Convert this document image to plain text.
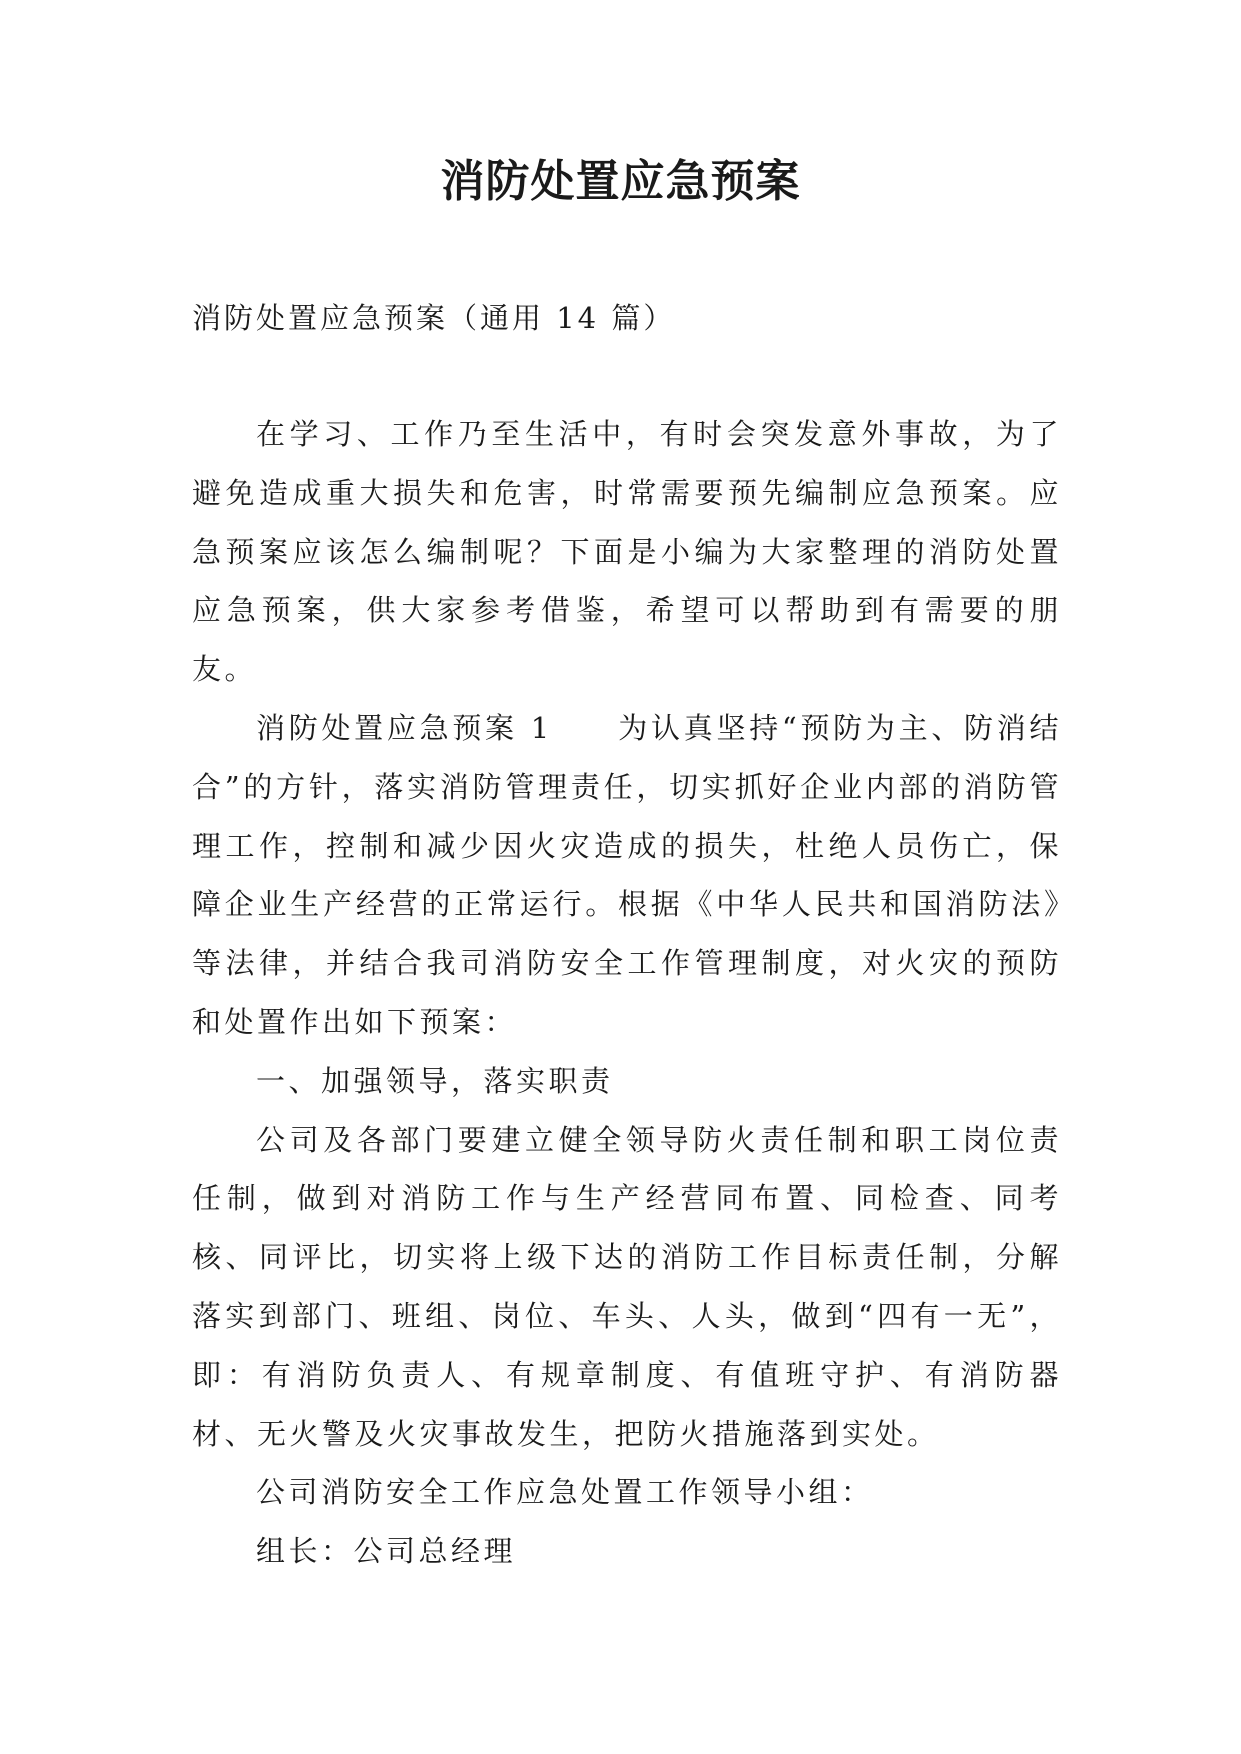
消防处置应急预案

消防处置应急预案（通用 14 篇）

在学习、工作乃至生活中，有时会突发意外事故，为了避免造成重大损失和危害，时常需要预先编制应急预案。应急预案应该怎么编制呢？下面是小编为大家整理的消防处置应急预案，供大家参考借鉴，希望可以帮助到有需要的朋友。

消防处置应急预案 1　　为认真坚持“预防为主、防消结合”的方针，落实消防管理责任，切实抓好企业内部的消防管理工作，控制和减少因火灾造成的损失，杜绝人员伤亡，保障企业生产经营的正常运行。根据《中华人民共和国消防法》等法律，并结合我司消防安全工作管理制度，对火灾的预防和处置作出如下预案：

一、加强领导，落实职责

公司及各部门要建立健全领导防火责任制和职工岗位责任制，做到对消防工作与生产经营同布置、同检查、同考核、同评比，切实将上级下达的消防工作目标责任制，分解落实到部门、班组、岗位、车头、人头，做到“四有一无”，即：有消防负责人、有规章制度、有值班守护、有消防器材、无火警及火灾事故发生，把防火措施落到实处。

公司消防安全工作应急处置工作领导小组：

组长：公司总经理
